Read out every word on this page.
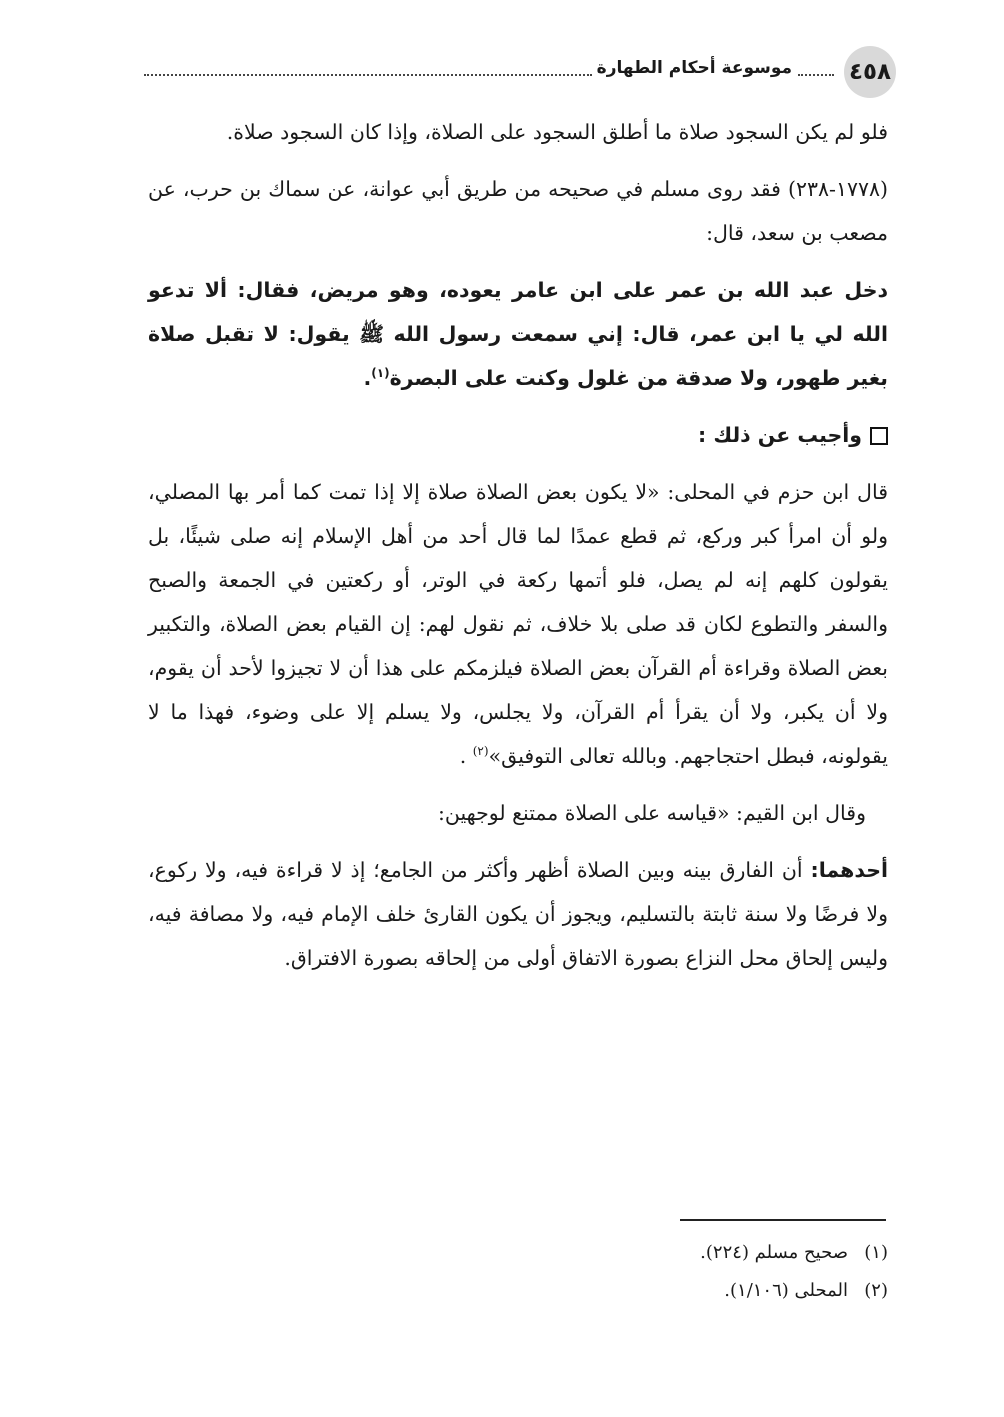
٤٥٨
موسوعة أحكام الطهارة

فلو لم يكن السجود صلاة ما أطلق السجود على الصلاة، وإذا كان السجود صلاة.

(١٧٧٨-٢٣٨) فقد روى مسلم في صحيحه من طريق أبي عوانة، عن سماك بن حرب، عن مصعب بن سعد، قال:

دخل عبد الله بن عمر على ابن عامر يعوده، وهو مريض، فقال: ألا تدعو الله لي يا ابن عمر، قال: إني سمعت رسول الله ﷺ يقول: لا تقبل صلاة بغير طهور، ولا صدقة من غلول وكنت على البصرة$^{(١)}$.

وأجيب عن ذلك :

قال ابن حزم في المحلى: «لا يكون بعض الصلاة صلاة إلا إذا تمت كما أمر بها المصلي، ولو أن امرأ كبر وركع، ثم قطع عمدًا لما قال أحد من أهل الإسلام إنه صلى شيئًا، بل يقولون كلهم إنه لم يصل، فلو أتمها ركعة في الوتر، أو ركعتين في الجمعة والصبح والسفر والتطوع لكان قد صلى بلا خلاف، ثم نقول لهم: إن القيام بعض الصلاة، والتكبير بعض الصلاة وقراءة أم القرآن بعض الصلاة فيلزمكم على هذا أن لا تجيزوا لأحد أن يقوم، ولا أن يكبر، ولا أن يقرأ أم القرآن، ولا يجلس، ولا يسلم إلا على وضوء، فهذا ما لا يقولونه، فبطل احتجاجهم. وبالله تعالى التوفيق»$^{(٢)}$ .

وقال ابن القيم: «قياسه على الصلاة ممتنع لوجهين:

أحدهما: أن الفارق بينه وبين الصلاة أظهر وأكثر من الجامع؛ إذ لا قراءة فيه، ولا ركوع، ولا فرضًا ولا سنة ثابتة بالتسليم، ويجوز أن يكون القارئ خلف الإمام فيه، ولا مصافة فيه، وليس إلحاق محل النزاع بصورة الاتفاق أولى من إلحاقه بصورة الافتراق.

(١)صحيح مسلم (٢٢٤).
(٢)المحلى (١/١٠٦).
